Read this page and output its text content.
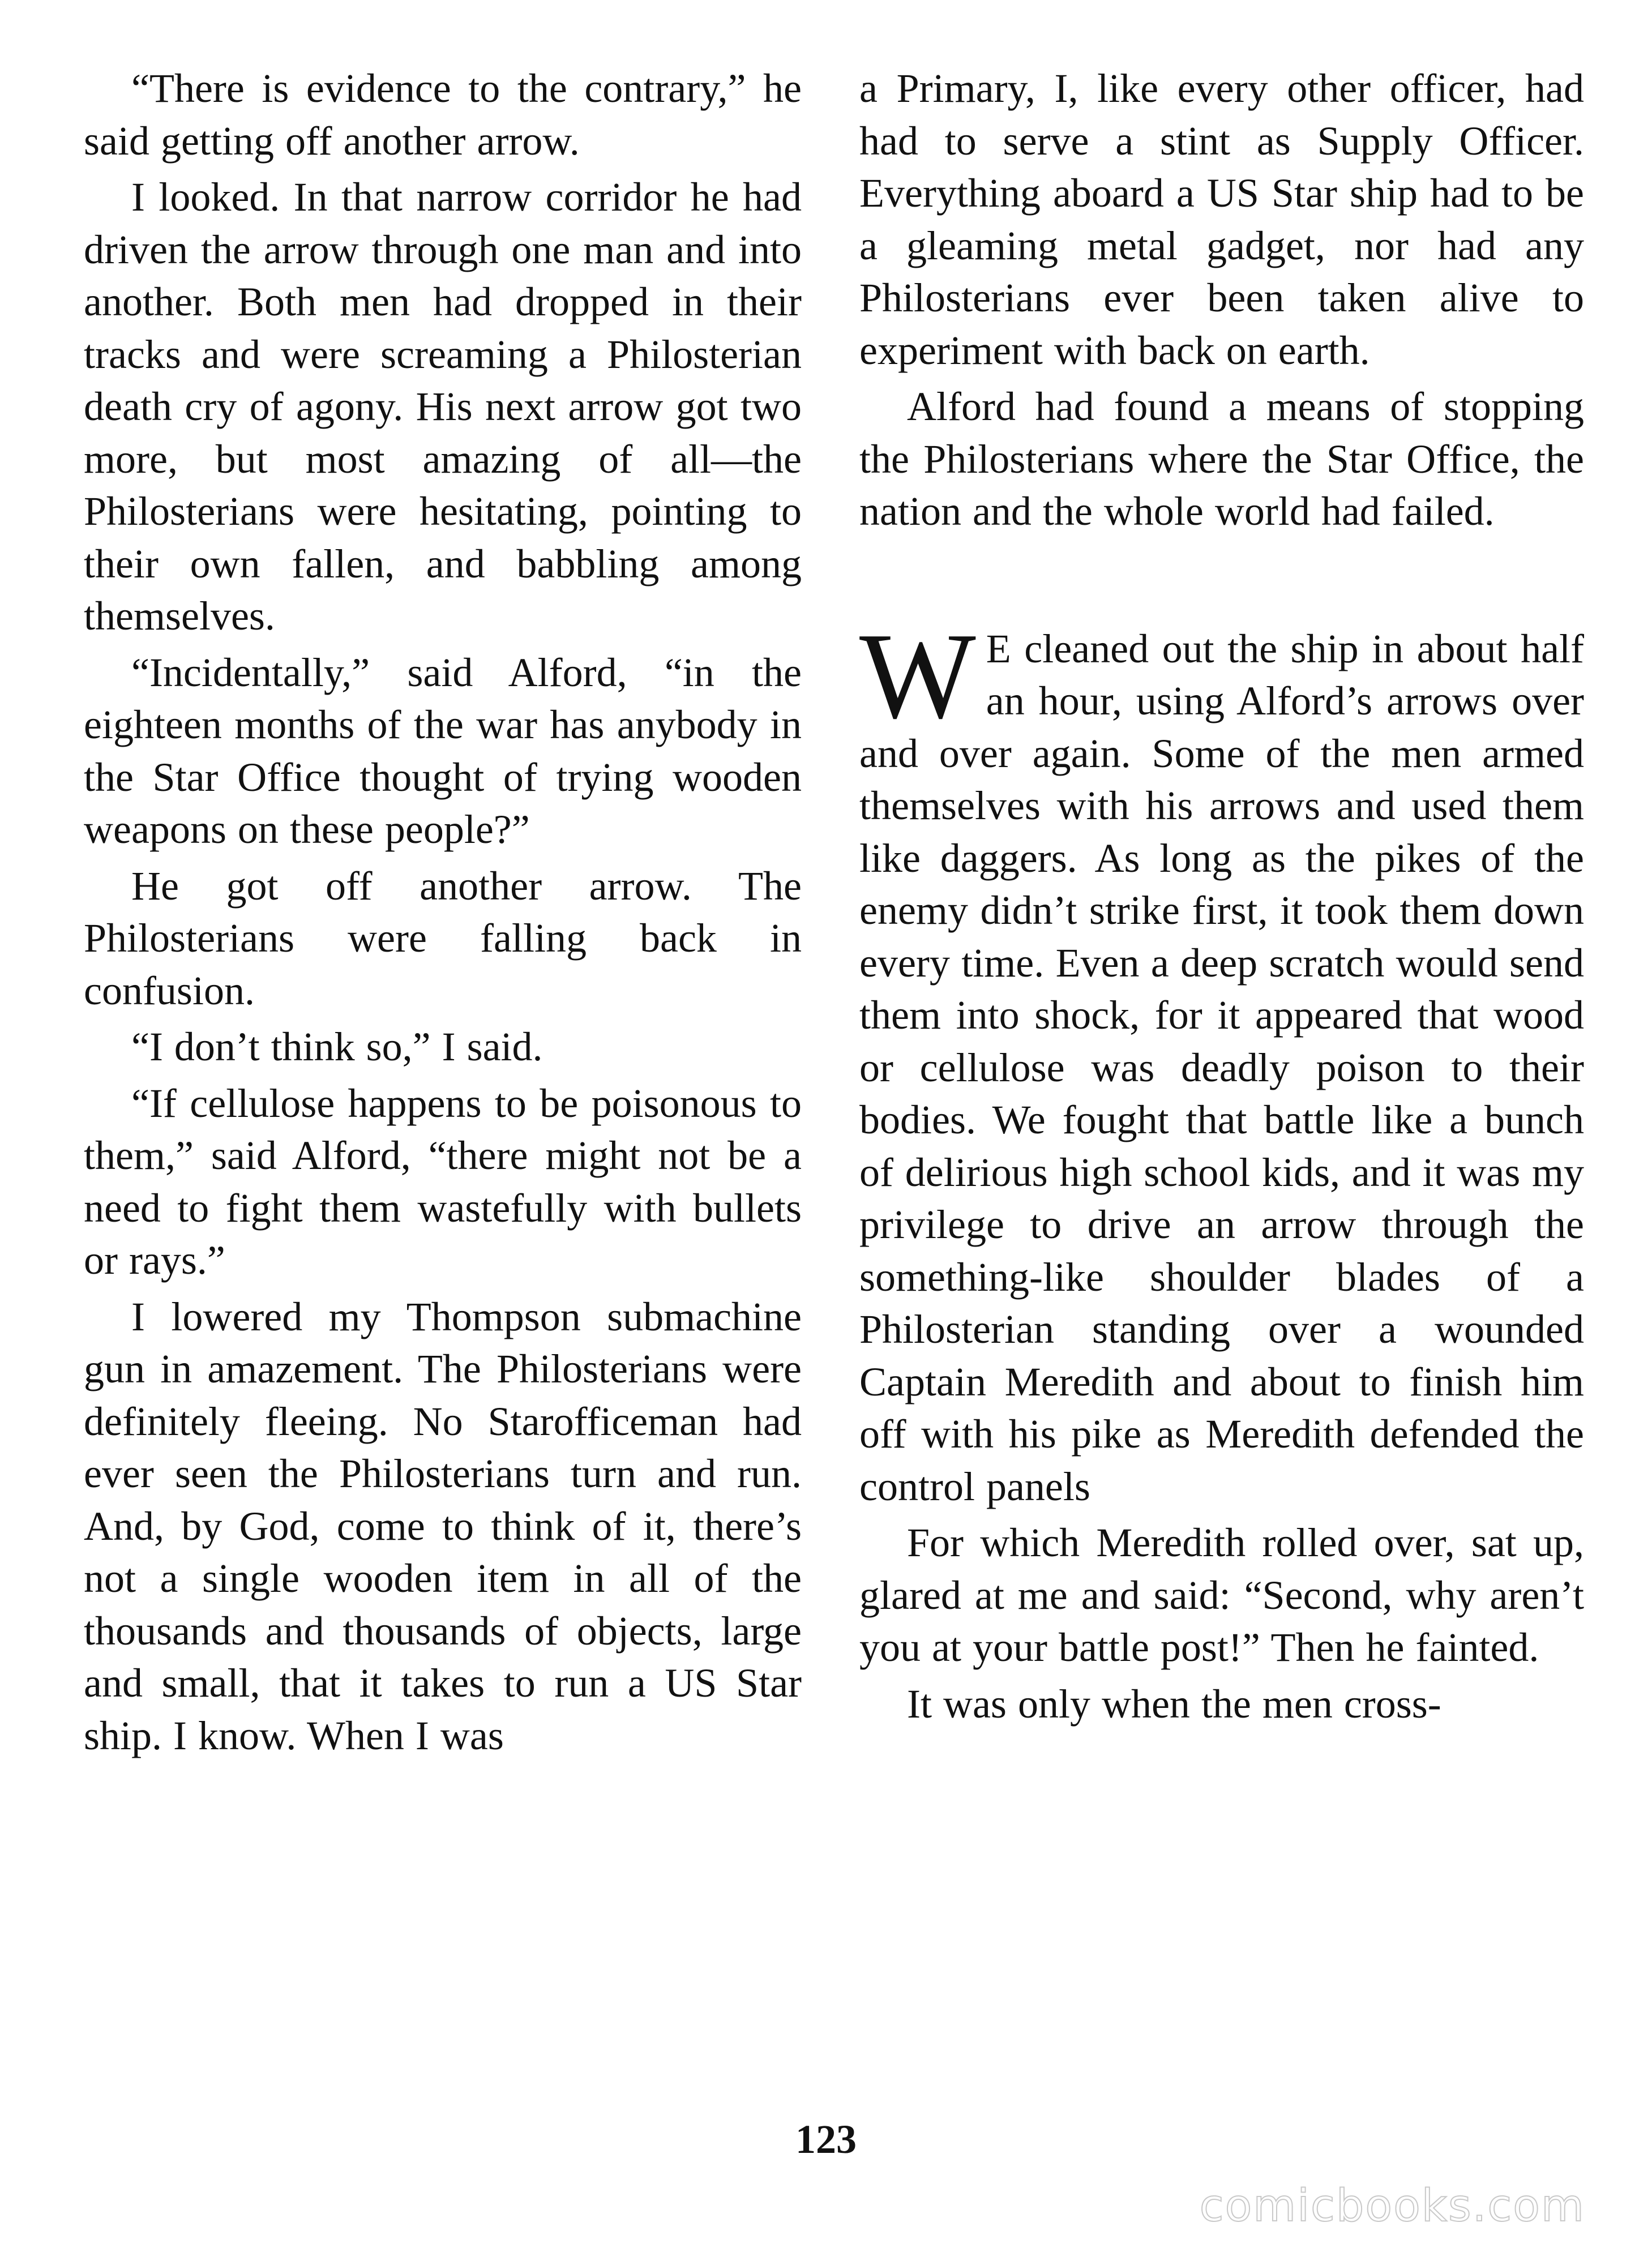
“There is evidence to the contrary,” he said getting off another arrow.

I looked. In that narrow corridor he had driven the arrow through one man and into another. Both men had dropped in their tracks and were screaming a Philosterian death cry of agony. His next arrow got two more, but most amazing of all—the Philosterians were hesitating, pointing to their own fallen, and babbling among themselves.

“Incidentally,” said Alford, “in the eighteen months of the war has anybody in the Star Office thought of trying wooden weapons on these people?”

He got off another arrow. The Philosterians were falling back in confusion.

“I don’t think so,” I said.

“If cellulose happens to be poisonous to them,” said Alford, “there might not be a need to fight them wastefully with bullets or rays.”

I lowered my Thompson submachine gun in amazement. The Philosterians were definitely fleeing. No Starofficeman had ever seen the Philosterians turn and run. And, by God, come to think of it, there’s not a single wooden item in all of the thousands and thousands of objects, large and small, that it takes to run a US Star ship. I know. When I was

a Primary, I, like every other officer, had had to serve a stint as Supply Officer. Everything aboard a US Star ship had to be a gleaming metal gadget, nor had any Philosterians ever been taken alive to experiment with back on earth.

Alford had found a means of stopping the Philosterians where the Star Office, the nation and the whole world had failed.

W E cleaned out the ship in about half an hour, using Alford’s arrows over and over again. Some of the men armed themselves with his arrows and used them like daggers. As long as the pikes of the enemy didn’t strike first, it took them down every time. Even a deep scratch would send them into shock, for it appeared that wood or cellulose was deadly poison to their bodies. We fought that battle like a bunch of delirious high school kids, and it was my privilege to drive an arrow through the something-like shoulder blades of a Philosterian standing over a wounded Captain Meredith and about to finish him off with his pike as Meredith defended the control panels

For which Meredith rolled over, sat up, glared at me and said: “Second, why aren’t you at your battle post!” Then he fainted.

It was only when the men cross-

123
comicbooks.com
